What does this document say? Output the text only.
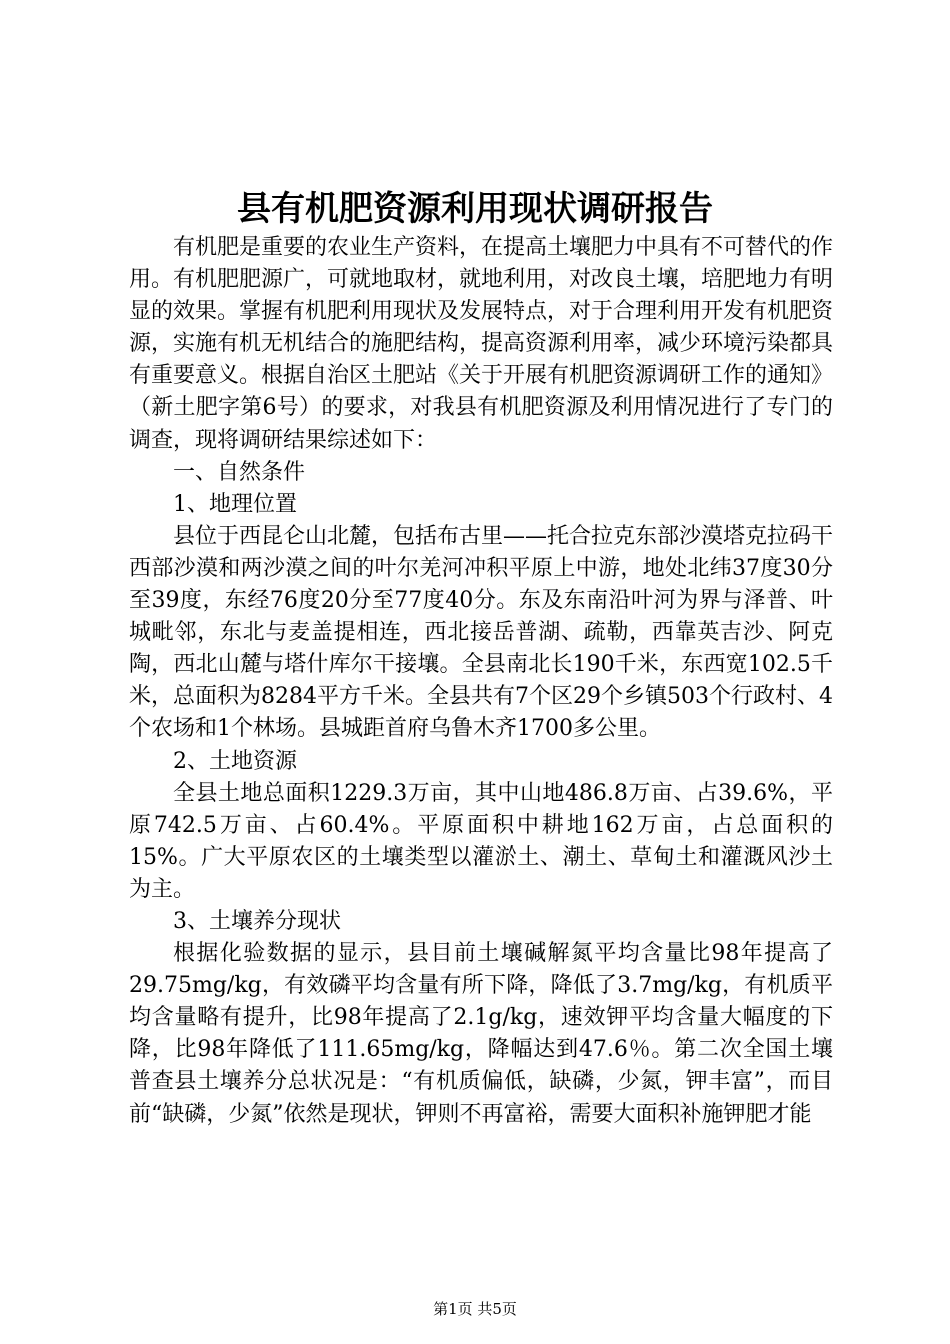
县有机肥资源利用现状调研报告

有机肥是重要的农业生产资料，在提高土壤肥力中具有不可替代的作用。有机肥肥源广，可就地取材，就地利用，对改良土壤，培肥地力有明显的效果。掌握有机肥利用现状及发展特点，对于合理利用开发有机肥资源，实施有机无机结合的施肥结构，提高资源利用率，减少环境污染都具有重要意义。根据自治区土肥站《关于开展有机肥资源调研工作的通知》（新土肥字第6号）的要求，对我县有机肥资源及利用情况进行了专门的调查，现将调研结果综述如下：

一、自然条件

1、地理位置

县位于西昆仑山北麓，包括布古里——托合拉克东部沙漠塔克拉码干西部沙漠和两沙漠之间的叶尔羌河冲积平原上中游，地处北纬37度30分至39度，东经76度20分至77度40分。东及东南沿叶河为界与泽普、叶城毗邻，东北与麦盖提相连，西北接岳普湖、疏勒，西靠英吉沙、阿克陶，西北山麓与塔什库尔干接壤。全县南北长190千米，东西宽102.5千米，总面积为8284平方千米。全县共有7个区29个乡镇503个行政村、4个农场和1个林场。县城距首府乌鲁木齐1700多公里。

2、土地资源

全县土地总面积1229.3万亩，其中山地486.8万亩、占39.6%，平原742.5万亩、占60.4%。平原面积中耕地162万亩，占总面积的15%。广大平原农区的土壤类型以灌淤土、潮土、草甸土和灌溉风沙土为主。

3、土壤养分现状

根据化验数据的显示，县目前土壤碱解氮平均含量比98年提高了29.75mg/kg，有效磷平均含量有所下降，降低了3.7mg/kg，有机质平均含量略有提升，比98年提高了2.1g/kg，速效钾平均含量大幅度的下降，比98年降低了111.65mg/kg，降幅达到47.6％。第二次全国土壤普查县土壤养分总状况是：“有机质偏低，缺磷，少氮，钾丰富”，而目前“缺磷，少氮”依然是现状，钾则不再富裕，需要大面积补施钾肥才能

第1页 共5页
